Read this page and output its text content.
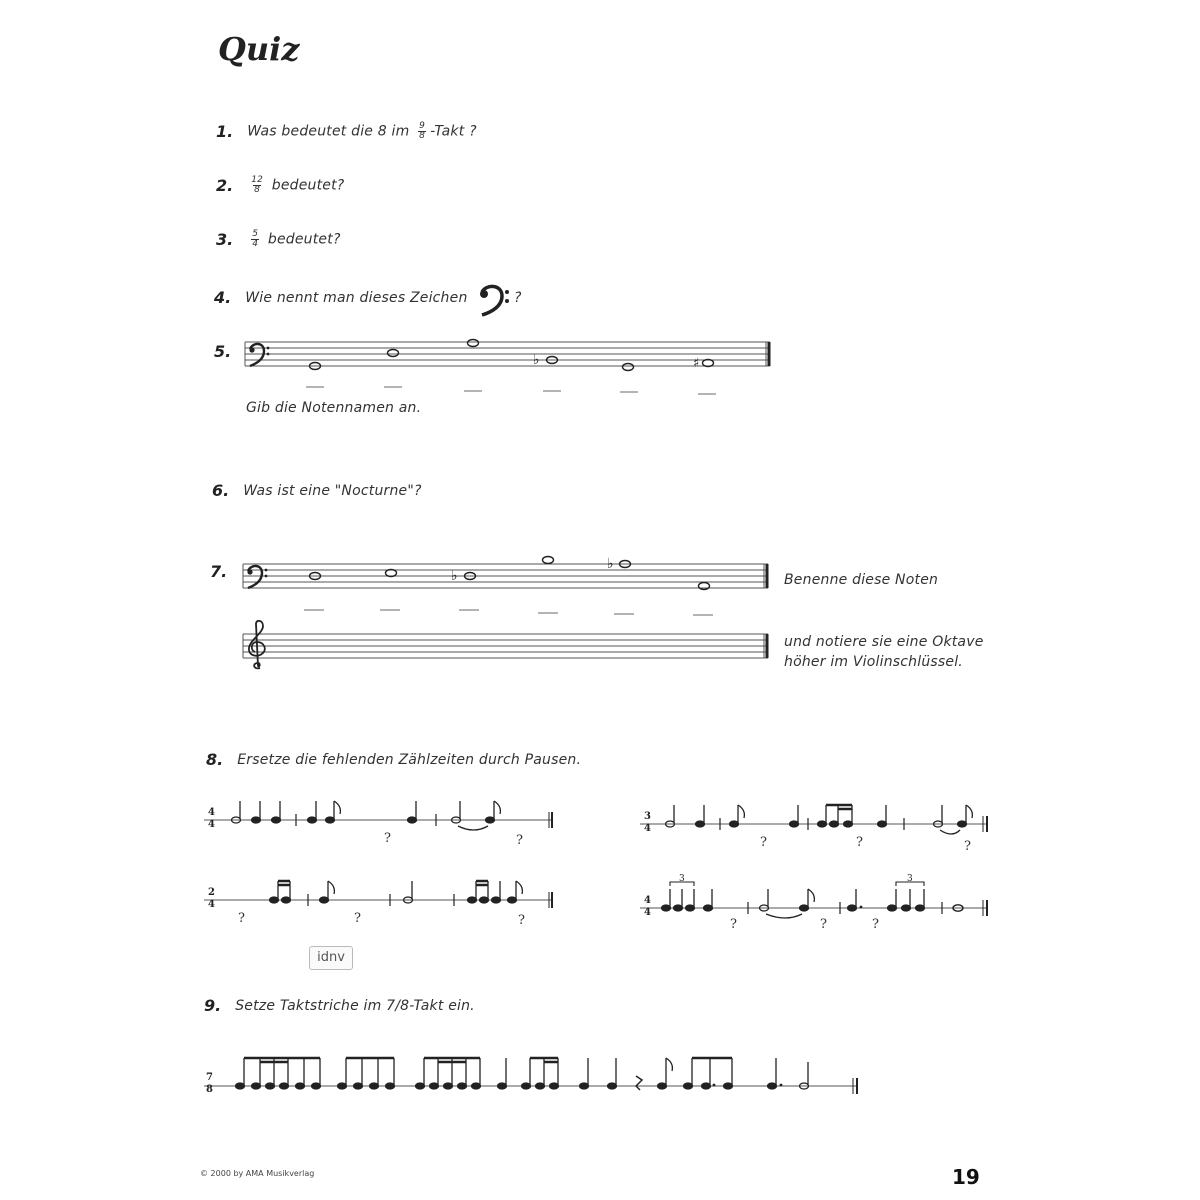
Quiz
1. Was bedeutet die 8 im $\frac{9}{8}$ -Takt ?
2. $\frac{12}{8}$ bedeutet?
3. $\frac{5}{4}$ bedeutet?
4. Wie nennt man dieses Zeichen	?
5.	♭	♯
Gib die Notennamen an.
6. Was ist eine "Nocturne"?
7.	♭
♭
Benenne diese Noten
und notiere sie eine Oktave
höher im Violinschlüssel.
8. Ersetze die fehlenden Zählzeiten durch Pausen.
4
4
?	?
3
4
?	?	?
2
4
?	?	?
4
4
3	3
?	?	?
idnv
9. Setze Taktstriche im 7/8-Takt ein.
7
8
© 2000 by AMA Musikverlag	19
